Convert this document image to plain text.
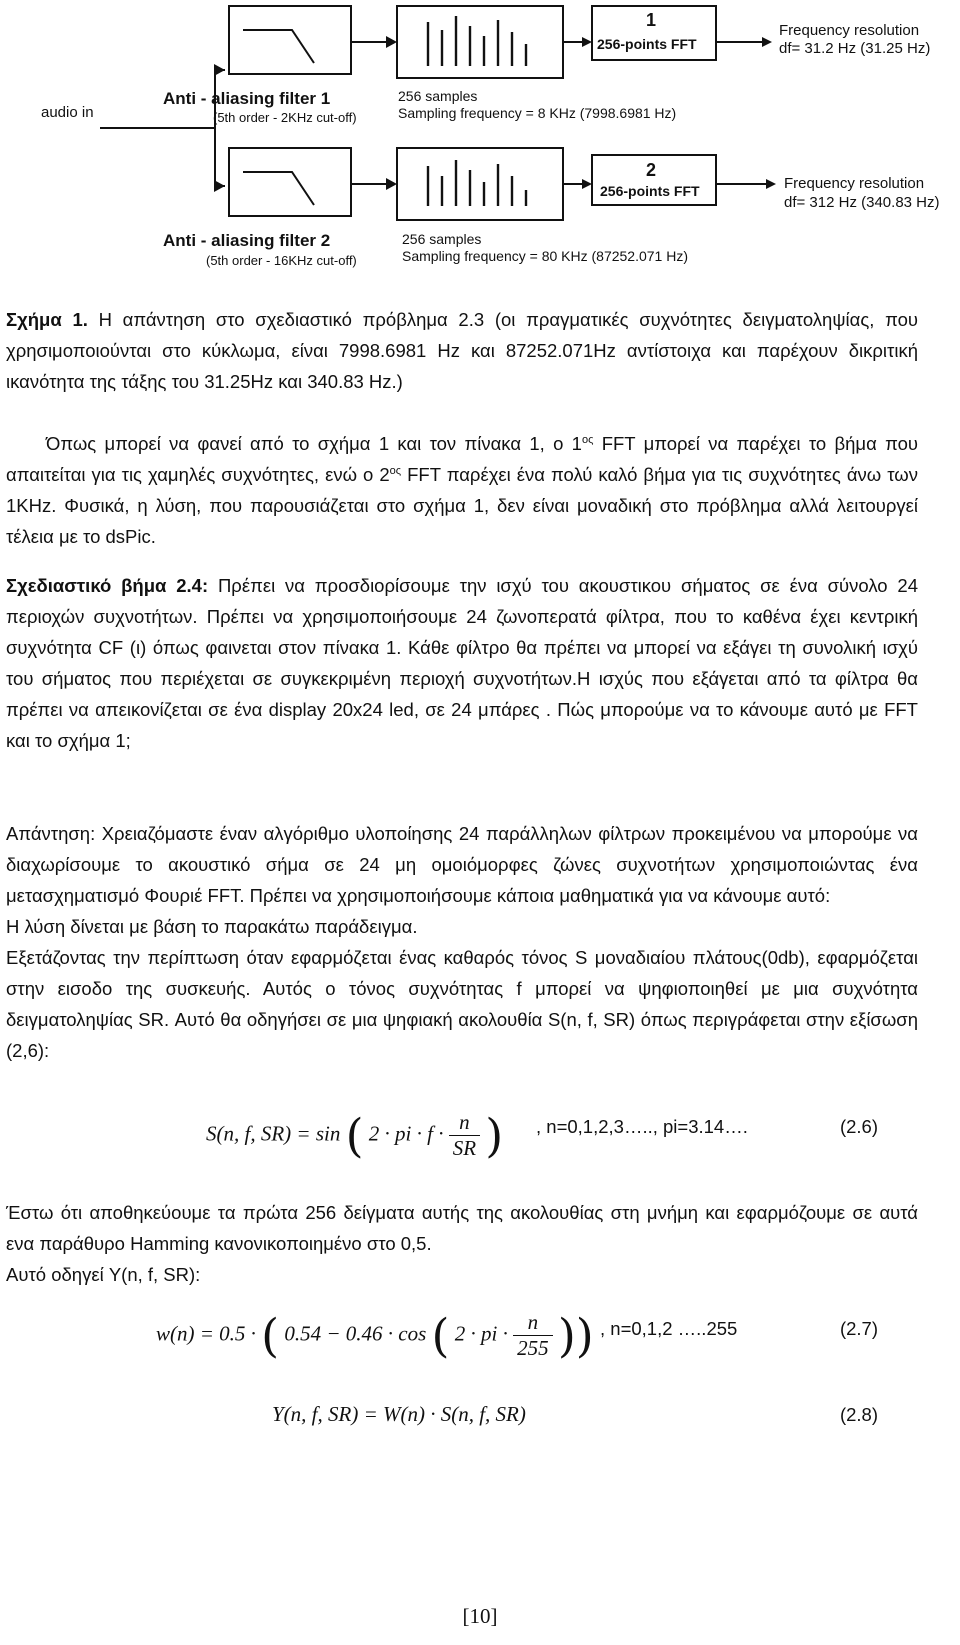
audio in
Anti - aliasing filter 1
(5th order - 2KHz cut-off)
Anti - aliasing filter 2
(5th order - 16KHz cut-off)
256 samples
Sampling frequency = 8 KHz (7998.6981 Hz)
256 samples
Sampling frequency = 80 KHz (87252.071 Hz)
1
256-points FFT
2
256-points FFT
Frequency resolution
df= 31.2 Hz (31.25 Hz)
Frequency resolution
df= 312 Hz (340.83 Hz)

Σχήμα 1. Η απάντηση στο σχεδιαστικό πρόβλημα 2.3 (οι πραγματικές συχνότητες δειγματοληψίας, που χρησιμοποιούνται στο κύκλωμα, είναι 7998.6981 Hz και 87252.071Hz αντίστοιχα και παρέχουν δικριτική ικανότητα της τάξης του 31.25Hz και 340.83 Hz.)

Όπως μπορεί να φανεί από το σχήμα 1 και τον πίνακα 1, ο $1^{o\varsigma}$ FFT μπορεί να παρέχει το βήμα που απαιτείται για τις χαμηλές συχνότητες, ενώ ο $2^{o\varsigma}$ FFT παρέχει ένα πολύ καλό βήμα για τις συχνότητες άνω των 1KHz. Φυσικά, η λύση, που παρουσιάζεται στο σχήμα 1, δεν είναι μοναδική στο πρόβλημα αλλά λειτουργεί τέλεια με το dsPic.

Σχεδιαστικό βήμα 2.4: Πρέπει να προσδιορίσουμε την ισχύ του ακουστικου σήματος σε ένα σύνολο 24 περιοχών συχνοτήτων. Πρέπει να χρησιμοποιήσουμε 24 ζωνοπερατά φίλτρα, που το καθένα έχει κεντρική συχνότητα CF (ι) όπως φαινεται στον πίνακα 1. Κάθε φίλτρο θα πρέπει να μπορεί να εξάγει τη συνολική ισχύ του σήματος που περιέχεται σε συγκεκριμένη περιοχή συχνοτήτων.Η ισχύς που εξάγεται από τα φίλτρα θα πρέπει να απεικονίζεται σε ένα display 20x24 led, σε 24 μπάρες . Πώς μπορούμε να το κάνουμε αυτό με FFT και το σχήμα 1;

Απάντηση: Χρειαζόμαστε έναν αλγόριθμο υλοποίησης 24 παράλληλων φίλτρων προκειμένου να μπορούμε να διαχωρίσουμε το ακουστικό σήμα σε 24 μη ομοιόμορφες ζώνες συχνοτήτων χρησιμοποιώντας ένα μετασχηματισμό Φουριέ FFT. Πρέπει να χρησιμοποιήσουμε κάποια μαθηματικά για να κάνουμε αυτό:

Η λύση δίνεται με βάση το παρακάτω παράδειγμα.

Εξετάζοντας την περίπτωση όταν εφαρμόζεται ένας καθαρός τόνος S μοναδιαίου πλάτους(0db), εφαρμόζεται στην εισοδο της συσκευής. Αυτός ο τόνος συχνότητας f μπορεί να ψηφιοποιηθεί με μια συχνότητα δειγματοληψίας SR. Αυτό θα οδηγήσει σε μια ψηφιακή ακολουθία S(n, f, SR) όπως περιγράφεται στην εξίσωση (2,6):

S(n, f, SR) = sin ( 2 · pi · $f \cdot \frac{n}{SR}$ ) , n=0,1,2,3….., pi=3.14….	(2.6)

Έστω ότι αποθηκεύουμε τα πρώτα 256 δείγματα αυτής της ακολουθίας στη μνήμη και εφαρμόζουμε σε αυτά ενα παράθυρο Hamming κανονικοποιημένο στο 0,5.

Αυτό οδηγεί Y(n, f, SR):

w(n) = 0.5 · ( 0.54 − 0.46 · cos ( 2 · pi · $\frac{n}{255}$ )) , n=0,1,2 …..255	(2.7)
Y(n, f, SR) = W(n) · S(n, f, SR)	(2.8)
[10]
